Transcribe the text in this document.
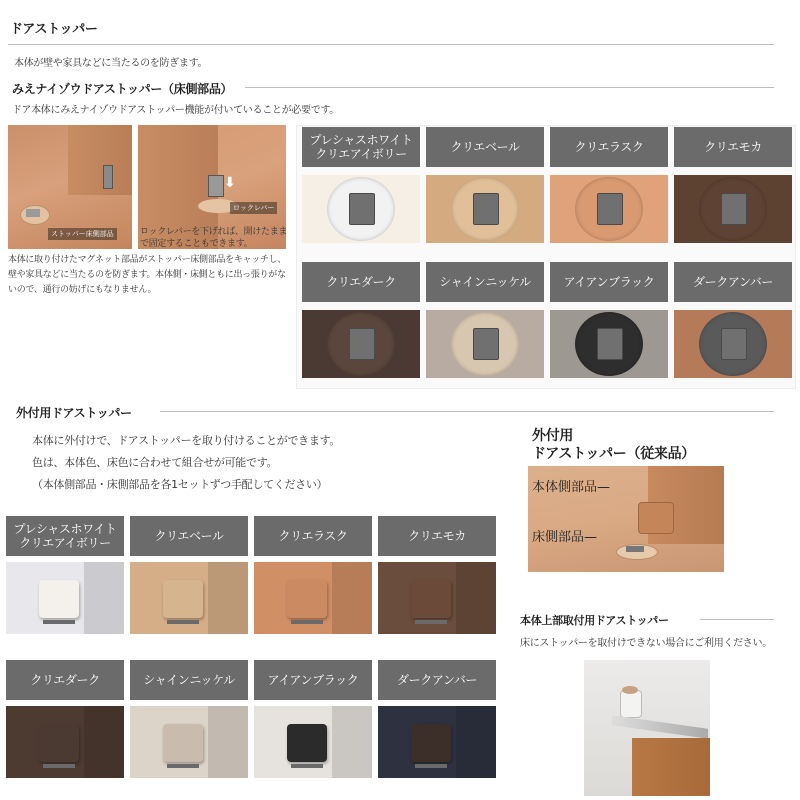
ドアストッパー
本体が壁や家具などに当たるのを防ぎます。
みえナイゾウドアストッパー（床側部品）
ドア本体にみえナイゾウドアストッパー機能が付いていることが必要です。
ストッパー床側部品
⬇
ロックレバー
ロックレバーを下げれば、開けたままで固定することもできます。
本体に取り付けたマグネット部品がストッパー床側部品をキャッチし、壁や家具などに当たるのを防ぎます。本体側・床側ともに出っ張りがないので、通行の妨げにもなりません。
プレシャスホワイト
クリエアイボリー	クリエベール	クリエラスク	クリエモカ
クリエダーク	シャインニッケル	アイアンブラック	ダークアンバー
外付用ドアストッパー
本体に外付けで、ドアストッパーを取り付けることができます。
色は、本体色、床色に合わせて組合せが可能です。
（本体側部品・床側部品を各1セットずつ手配してください）
プレシャスホワイト
クリエアイボリー	クリエベール	クリエラスク	クリエモカ
クリエダーク	シャインニッケル	アイアンブラック	ダークアンバー
外付用
ドアストッパー（従来品）
本体側部品—
床側部品—
本体上部取付用ドアストッパー
床にストッパーを取付けできない場合にご利用ください。
